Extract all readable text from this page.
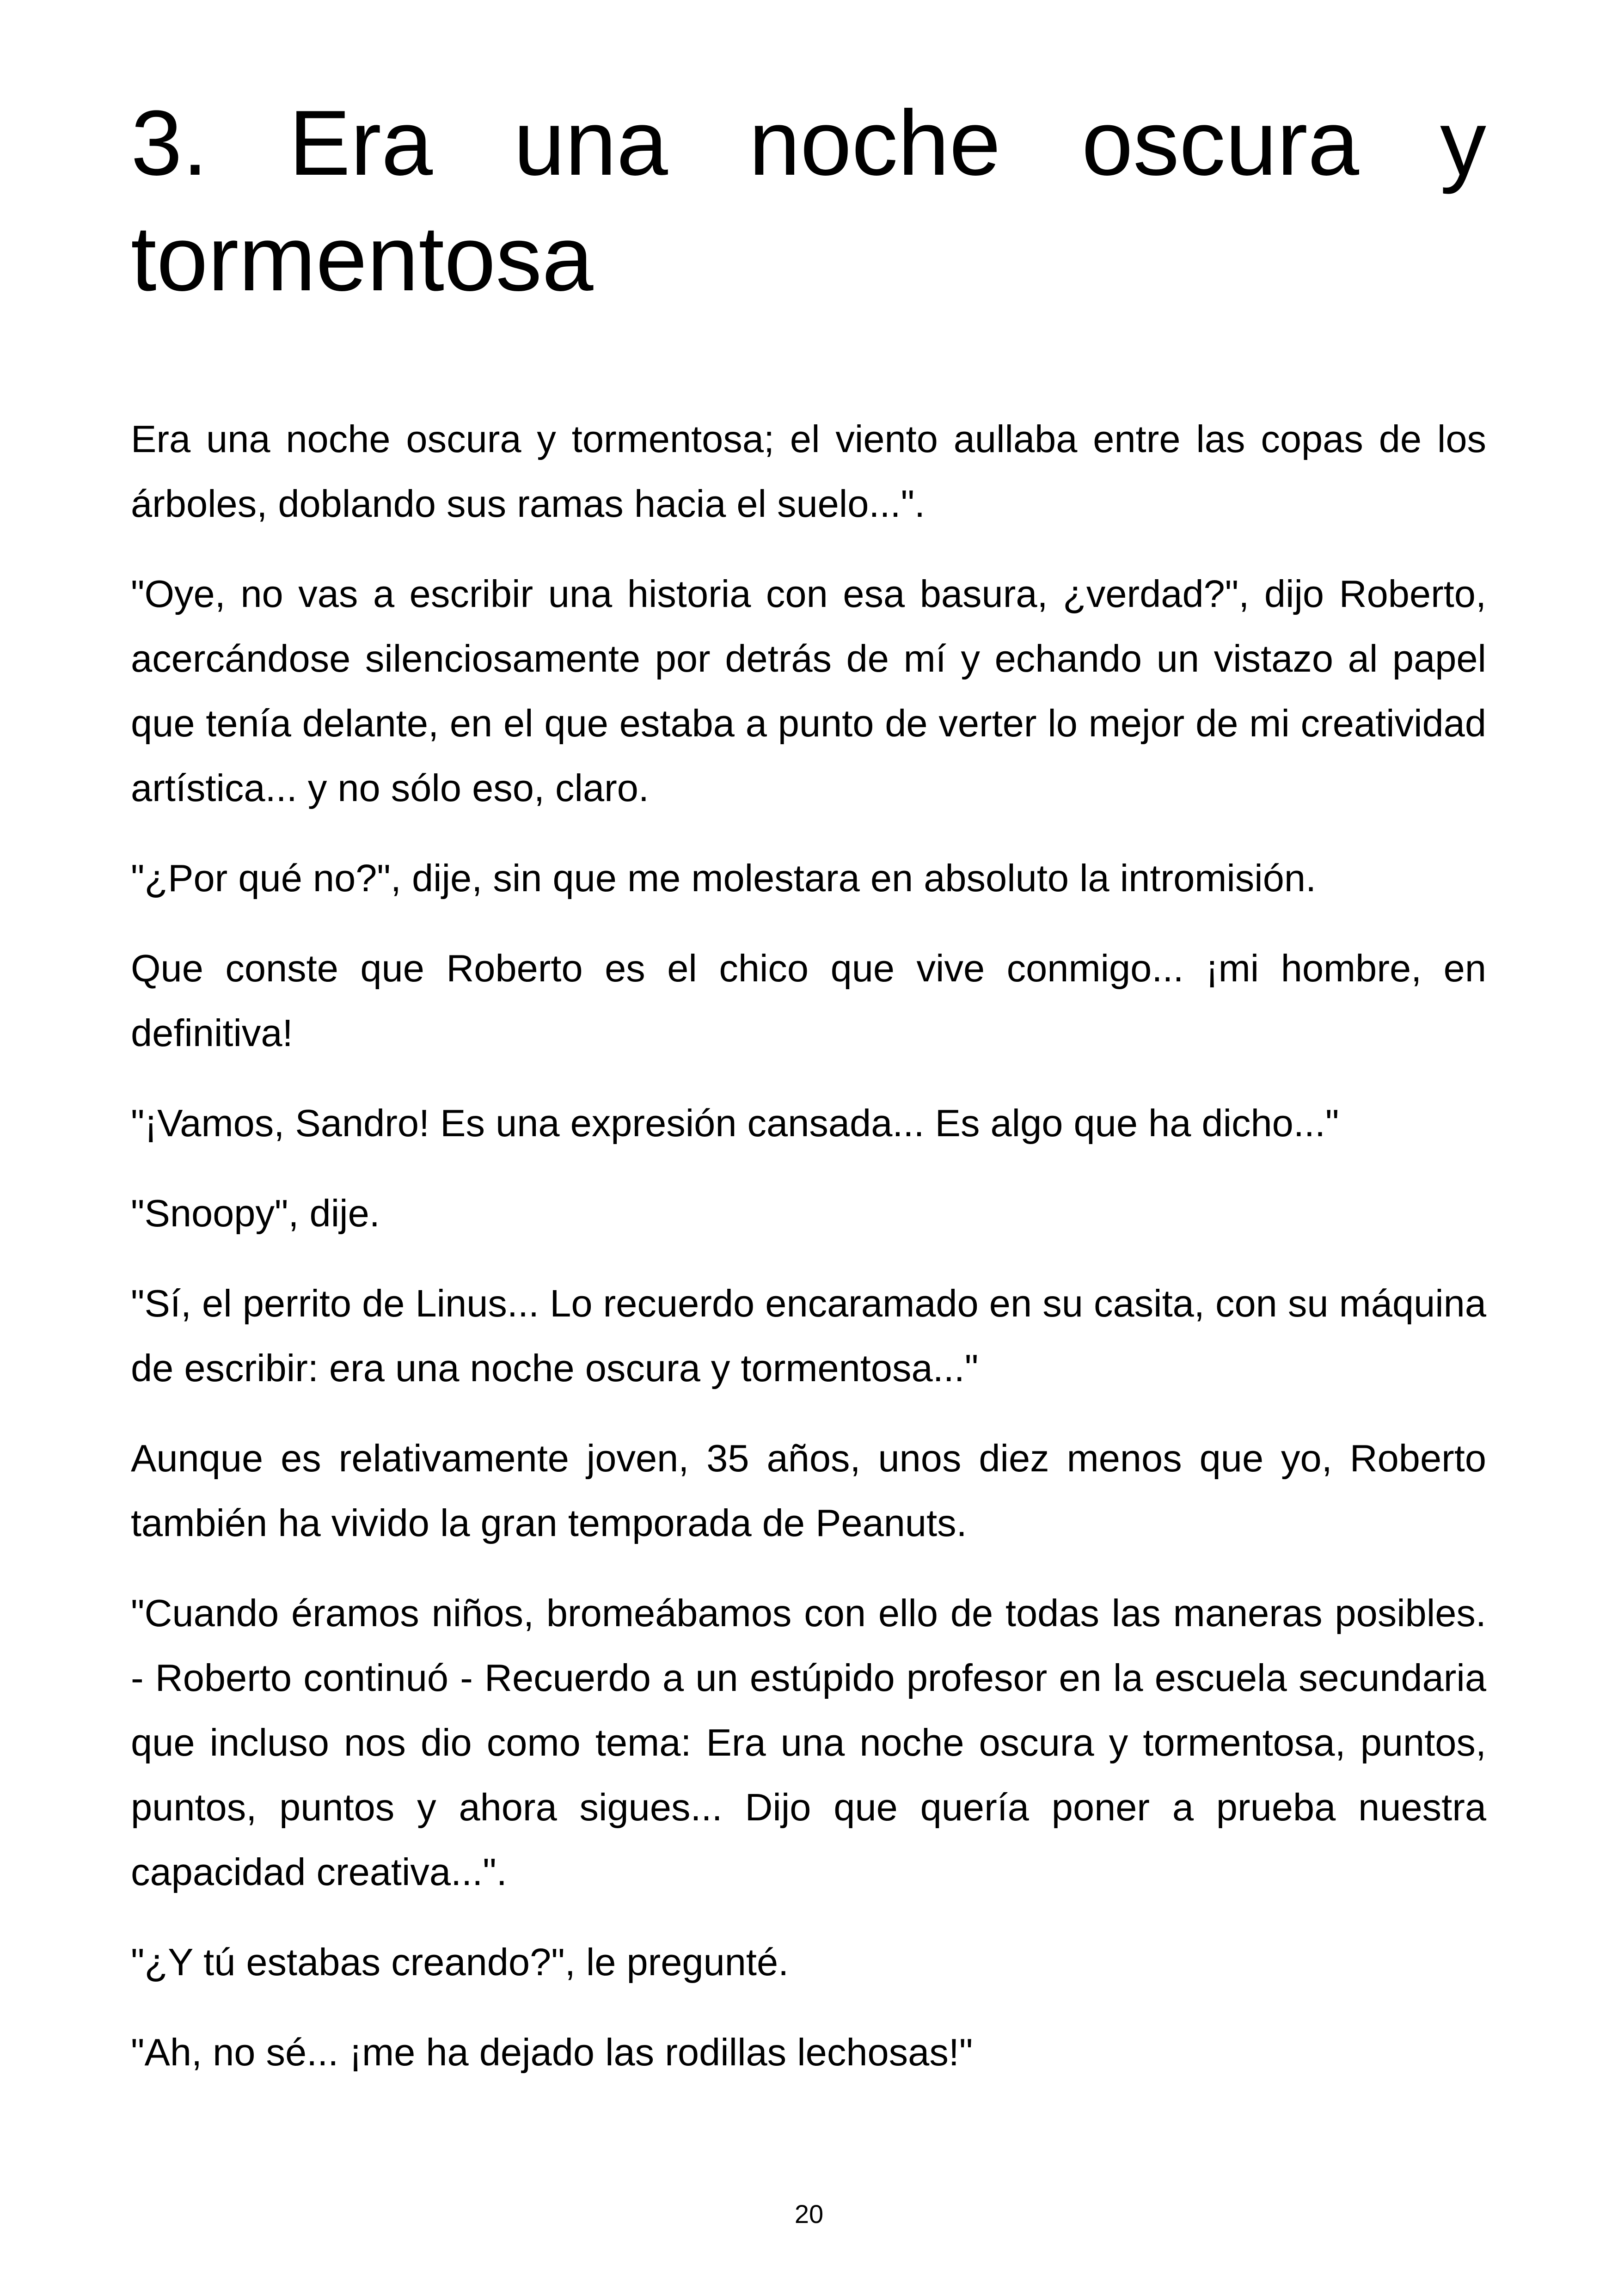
3. Era una noche oscura y tormentosa

Era una noche oscura y tormentosa; el viento aullaba entre las copas de los árboles, doblando sus ramas hacia el suelo...".

"Oye, no vas a escribir una historia con esa basura, ¿verdad?", dijo Roberto, acercándose silenciosamente por detrás de mí y echando un vistazo al papel que tenía delante, en el que estaba a punto de verter lo mejor de mi creatividad artística... y no sólo eso, claro.

"¿Por qué no?", dije, sin que me molestara en absoluto la intromisión.

Que conste que Roberto es el chico que vive conmigo... ¡mi hombre, en definitiva!

"¡Vamos, Sandro! Es una expresión cansada... Es algo que ha dicho..."

"Snoopy", dije.

"Sí, el perrito de Linus... Lo recuerdo encaramado en su casita, con su máquina de escribir: era una noche oscura y tormentosa..."

Aunque es relativamente joven, 35 años, unos diez menos que yo, Roberto también ha vivido la gran temporada de Peanuts.

"Cuando éramos niños, bromeábamos con ello de todas las maneras posibles. - Roberto continuó - Recuerdo a un estúpido profesor en la escuela secundaria que incluso nos dio como tema: Era una noche oscura y tormentosa, puntos, puntos, puntos y ahora sigues... Dijo que quería poner a prueba nuestra capacidad creativa...".

"¿Y tú estabas creando?", le pregunté.

"Ah, no sé... ¡me ha dejado las rodillas lechosas!"

20
